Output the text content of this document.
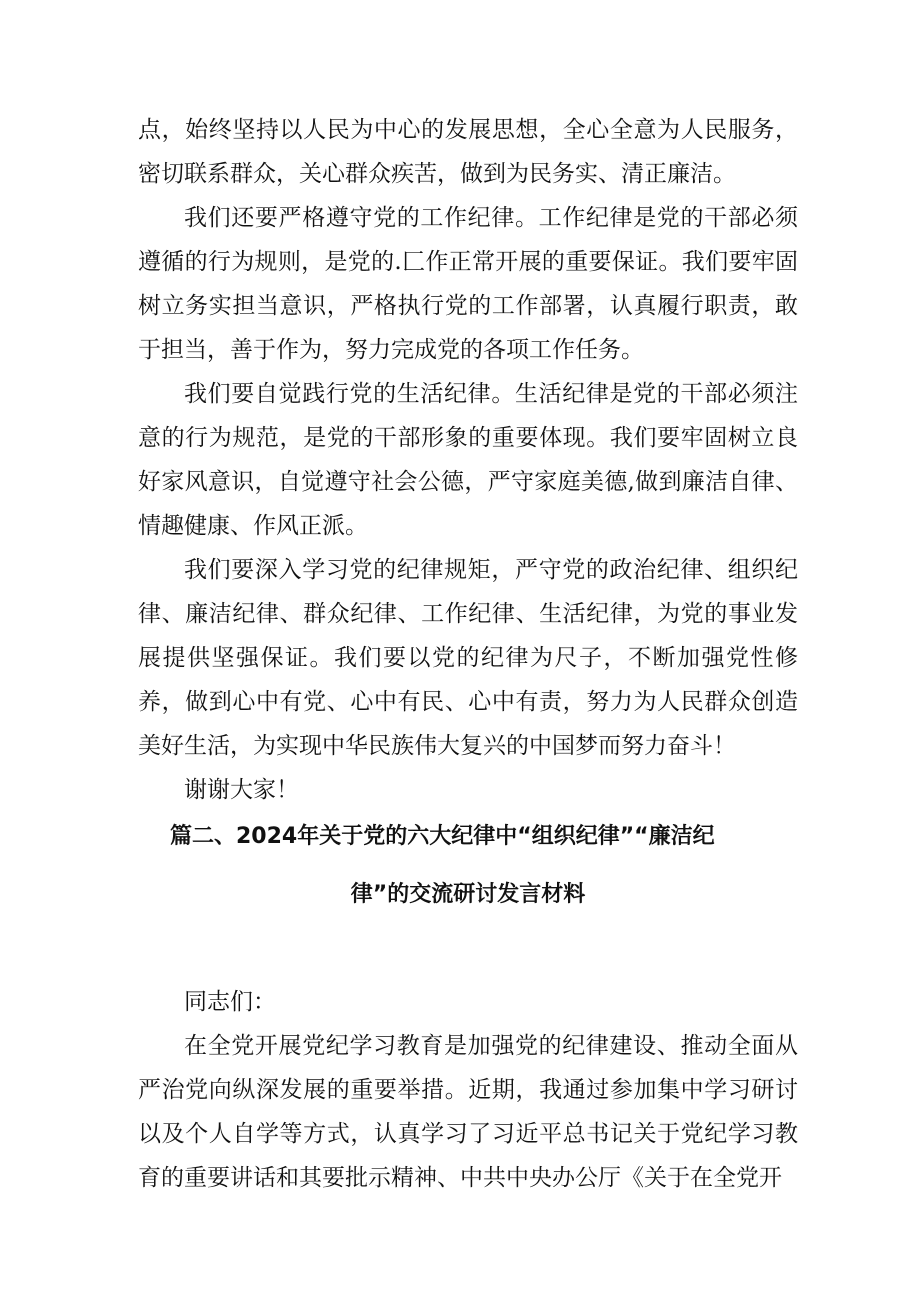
点，始终坚持以人民为中心的发展思想，全心全意为人民服务，密切联系群众，关心群众疾苦，做到为民务实、清正廉洁。

我们还要严格遵守党的工作纪律。工作纪律是党的干部必须遵循的行为规则，是党的.匚作正常开展的重要保证。我们要牢固树立务实担当意识，严格执行党的工作部署，认真履行职责，敢于担当，善于作为，努力完成党的各项工作任务。

我们要自觉践行党的生活纪律。生活纪律是党的干部必须注意的行为规范，是党的干部形象的重要体现。我们要牢固树立良好家风意识，自觉遵守社会公德，严守家庭美德,做到廉洁自律、情趣健康、作风正派。

我们要深入学习党的纪律规矩，严守党的政治纪律、组织纪律、廉洁纪律、群众纪律、工作纪律、生活纪律，为党的事业发展提供坚强保证。我们要以党的纪律为尺子，不断加强党性修养，做到心中有党、心中有民、心中有责，努力为人民群众创造美好生活，为实现中华民族伟大复兴的中国梦而努力奋斗！

谢谢大家！

篇二、2024年关于党的六大纪律中“组织纪律”“廉洁纪
律”的交流研讨发言材料

同志们：

在全党开展党纪学习教育是加强党的纪律建设、推动全面从严治党向纵深发展的重要举措。近期，我通过参加集中学习研讨以及个人自学等方式，认真学习了习近平总书记关于党纪学习教育的重要讲话和其要批示精神、中共中央办公厅《关于在全党开
